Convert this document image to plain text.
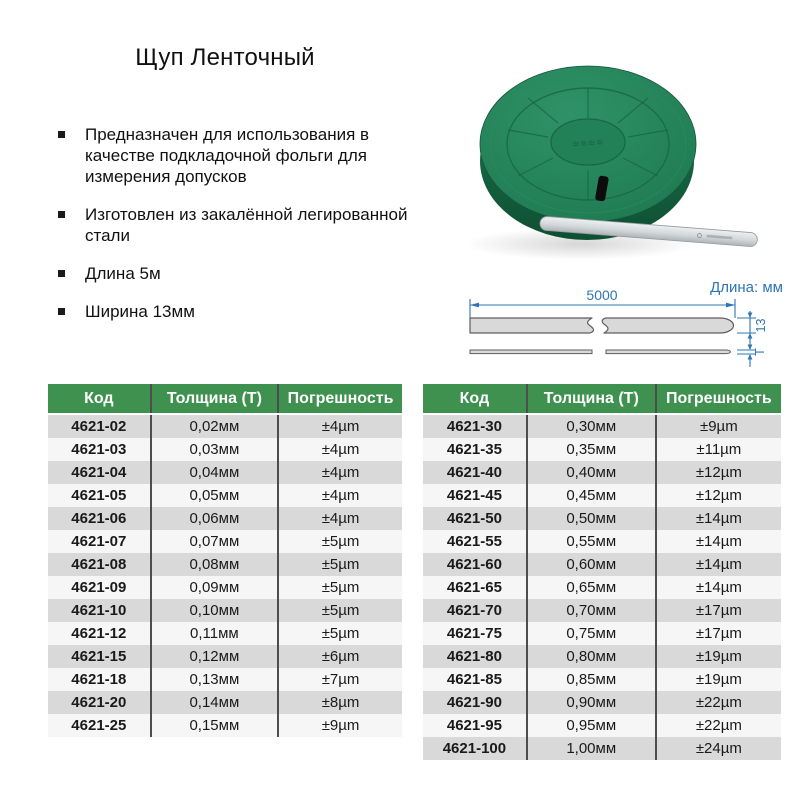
Щуп Ленточный
Предназначен для использования в качестве подкладочной фольги для измерения допусков
Изготовлен из закалённой легированной стали
Длина 5м
Ширина 13мм
≋≋≋≋
Длина: мм
5000
13
Т
Код	Толщина (Т)	Погрешность
4621-02	0,02мм	±4µm
4621-03	0,03мм	±4µm
4621-04	0,04мм	±4µm
4621-05	0,05мм	±4µm
4621-06	0,06мм	±4µm
4621-07	0,07мм	±5µm
4621-08	0,08мм	±5µm
4621-09	0,09мм	±5µm
4621-10	0,10мм	±5µm
4621-12	0,11мм	±5µm
4621-15	0,12мм	±6µm
4621-18	0,13мм	±7µm
4621-20	0,14мм	±8µm
4621-25	0,15мм	±9µm
Код	Толщина (Т)	Погрешность
4621-30	0,30мм	±9µm
4621-35	0,35мм	±11µm
4621-40	0,40мм	±12µm
4621-45	0,45мм	±12µm
4621-50	0,50мм	±14µm
4621-55	0,55мм	±14µm
4621-60	0,60мм	±14µm
4621-65	0,65мм	±14µm
4621-70	0,70мм	±17µm
4621-75	0,75мм	±17µm
4621-80	0,80мм	±19µm
4621-85	0,85мм	±19µm
4621-90	0,90мм	±22µm
4621-95	0,95мм	±22µm
4621-100	1,00мм	±24µm
